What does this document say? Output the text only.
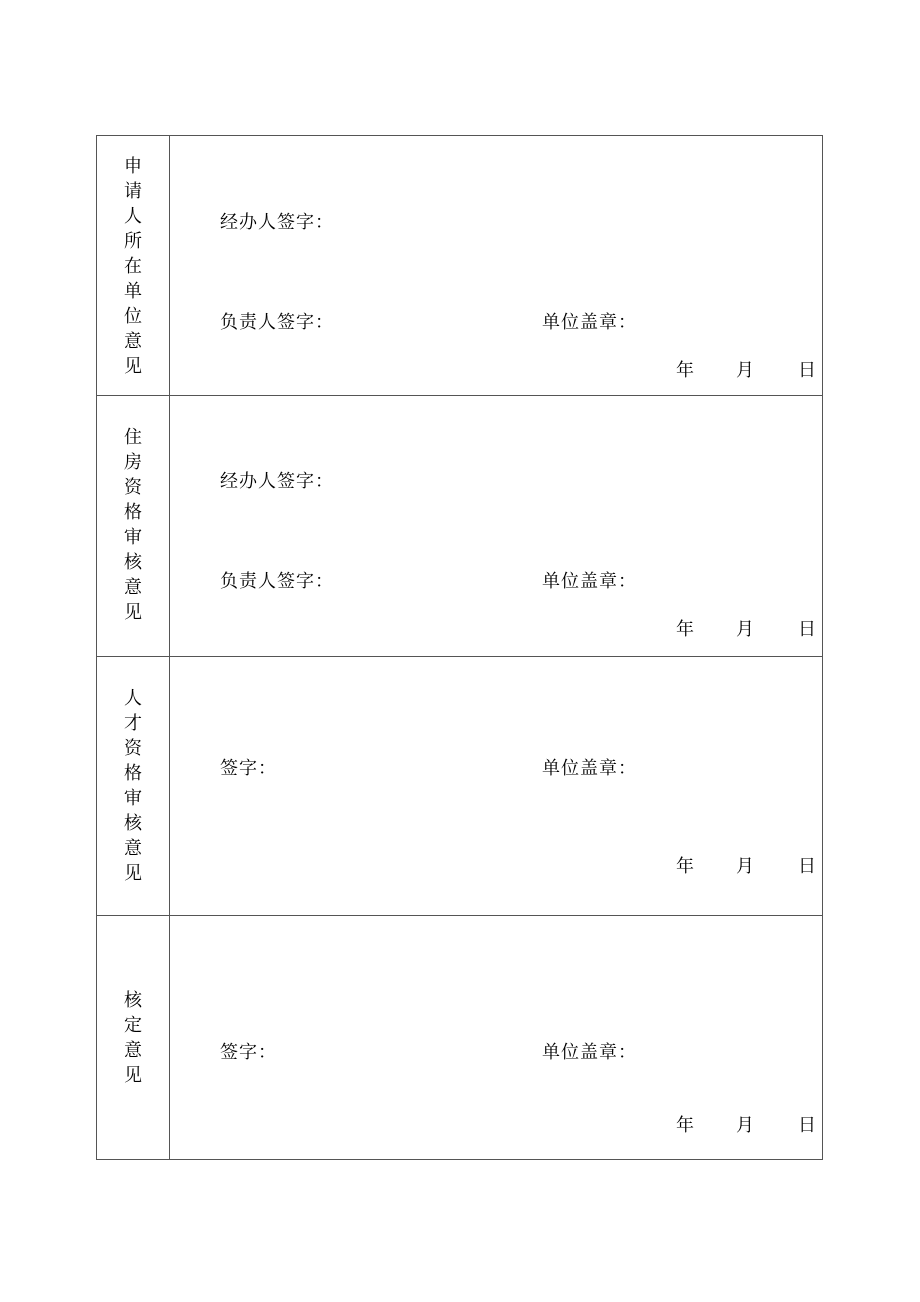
申请人所在单位意见

经办人签字：
负责人签字：	单位盖章：
年 月 日

住房资格审核意见

经办人签字：
负责人签字：	单位盖章：
年 月 日

人才资格审核意见

签字：	单位盖章：
年 月 日

核定意见

签字：	单位盖章：
年 月 日
